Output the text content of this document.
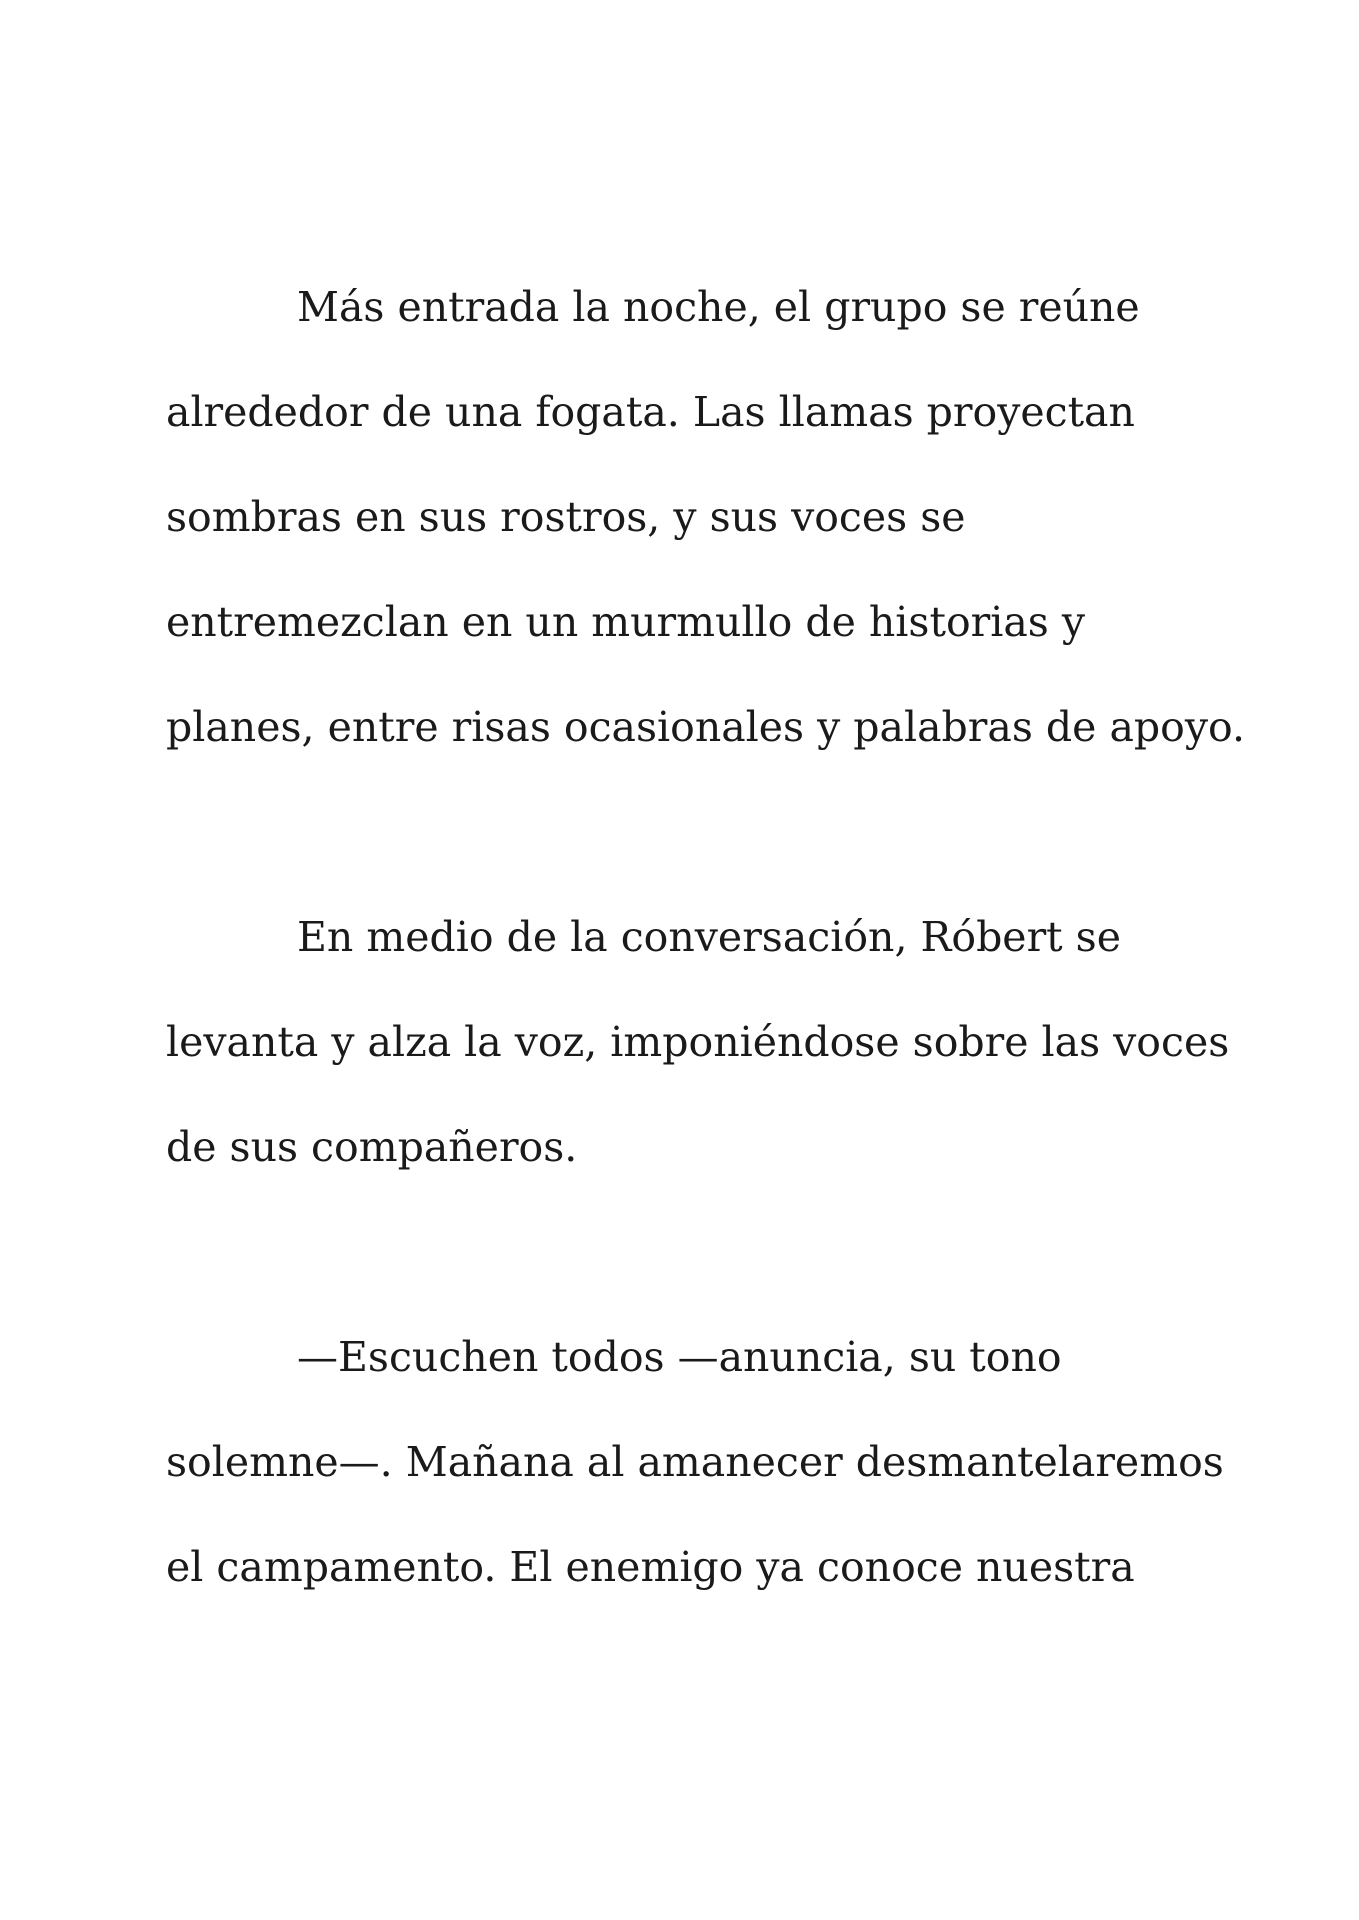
Más entrada la noche, el grupo se reúne
alrededor de una fogata. Las llamas proyectan
sombras en sus rostros, y sus voces se
entremezclan en un murmullo de historias y
planes, entre risas ocasionales y palabras de apoyo.

En medio de la conversación, Róbert se
levanta y alza la voz, imponiéndose sobre las voces
de sus compañeros.

—Escuchen todos —anuncia, su tono
solemne—. Mañana al amanecer desmantelaremos
el campamento. El enemigo ya conoce nuestra
